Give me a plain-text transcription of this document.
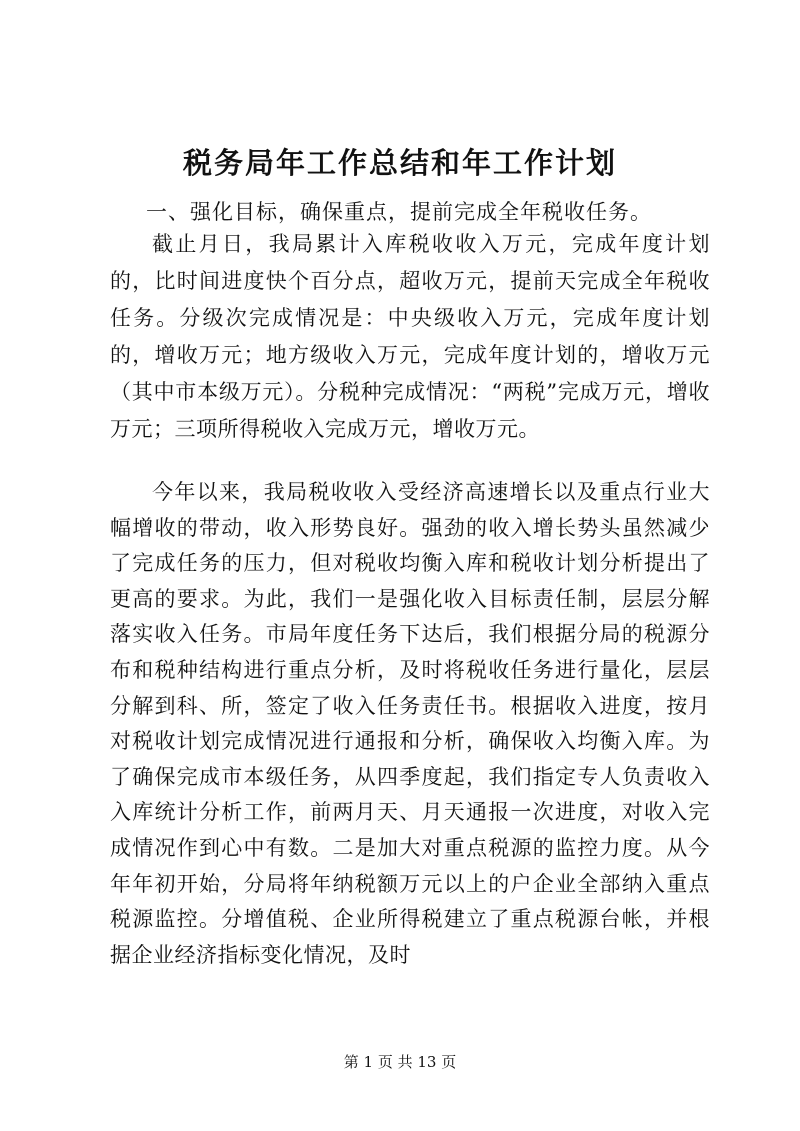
税务局年工作总结和年工作计划

一、强化目标，确保重点，提前完成全年税收任务。

截止月日，我局累计入库税收收入万元，完成年度计划的，比时间进度快个百分点，超收万元，提前天完成全年税收任务。分级次完成情况是：中央级收入万元，完成年度计划的，增收万元；地方级收入万元，完成年度计划的，增收万元（其中市本级万元）。分税种完成情况：“两税”完成万元，增收万元；三项所得税收入完成万元，增收万元。

今年以来，我局税收收入受经济高速增长以及重点行业大幅增收的带动，收入形势良好。强劲的收入增长势头虽然减少了完成任务的压力，但对税收均衡入库和税收计划分析提出了更高的要求。为此，我们一是强化收入目标责任制，层层分解落实收入任务。市局年度任务下达后，我们根据分局的税源分布和税种结构进行重点分析，及时将税收任务进行量化，层层分解到科、所，签定了收入任务责任书。根据收入进度，按月对税收计划完成情况进行通报和分析，确保收入均衡入库。为了确保完成市本级任务，从四季度起，我们指定专人负责收入入库统计分析工作，前两月天、月天通报一次进度，对收入完成情况作到心中有数。二是加大对重点税源的监控力度。从今年年初开始，分局将年纳税额万元以上的户企业全部纳入重点税源监控。分增值税、企业所得税建立了重点税源台帐，并根据企业经济指标变化情况，及时

第 1 页 共 13 页
